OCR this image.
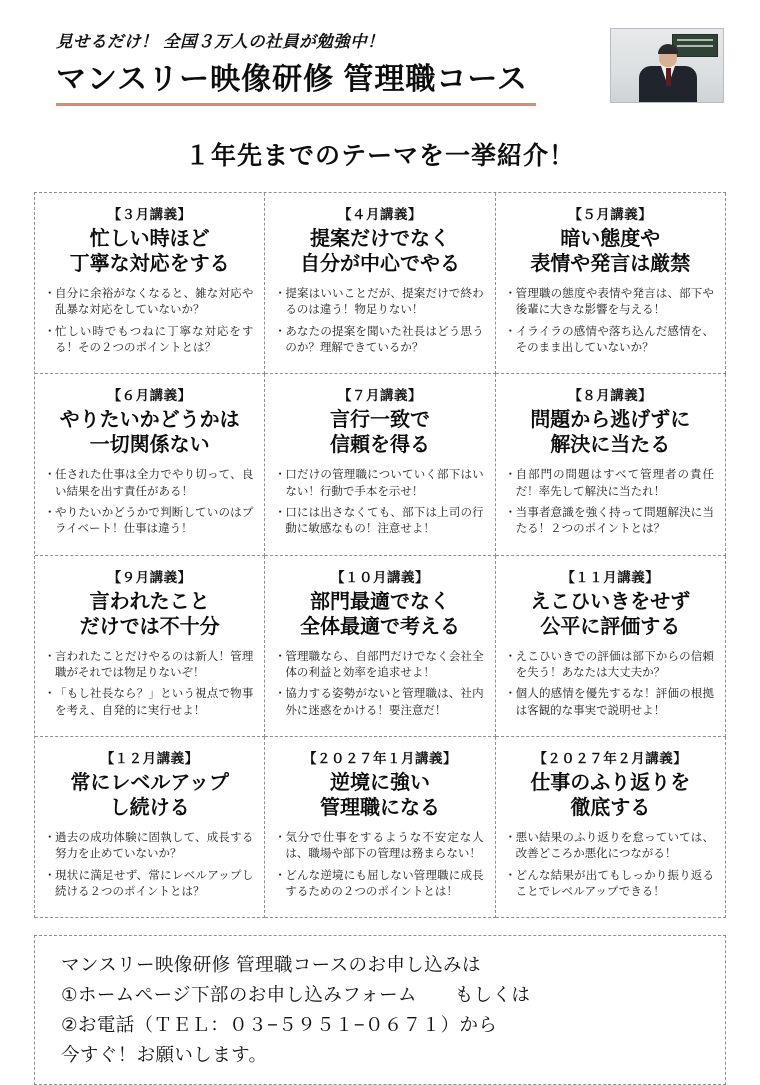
見せるだけ！ 全国３万人の社員が勉強中！
マンスリー映像研修 管理職コース
１年先までのテーマを一挙紹介！
【３月講義】
忙しい時ほど
丁寧な対応をする
・ 自分に余裕がなくなると、雑な対応や乱暴な対応をしていないか？
・ 忙しい時でもつねに丁寧な対応をする！その２つのポイントとは？
【４月講義】
提案だけでなく
自分が中心でやる
・ 提案はいいことだが、提案だけで終わるのは違う！物足りない！
・ あなたの提案を聞いた社長はどう思うのか？理解できているか？
【５月講義】
暗い態度や
表情や発言は厳禁
・ 管理職の態度や表情や発言は、部下や後輩に大きな影響を与える！
・ イライラの感情や落ち込んだ感情を、そのまま出していないか？
【６月講義】
やりたいかどうかは
一切関係ない
・ 任された仕事は全力でやり切って、良い結果を出す責任がある！
・ やりたいかどうかで判断していのはプライベート！仕事は違う！
【７月講義】
言行一致で
信頼を得る
・ 口だけの管理職についていく部下はいない！行動で手本を示せ！
・ 口には出さなくても、部下は上司の行動に敏感なもの！注意せよ！
【８月講義】
問題から逃げずに
解決に当たる
・ 自部門の問題はすべて管理者の責任だ！率先して解決に当たれ！
・ 当事者意識を強く持って問題解決に当たる！２つのポイントとは？
【９月講義】
言われたこと
だけでは不十分
・ 言われたことだけやるのは新人！管理職がそれでは物足りないぞ！
・ 「もし社長なら？」という視点で物事を考え、自発的に実行せよ！
【１０月講義】
部門最適でなく
全体最適で考える
・ 管理職なら、自部門だけでなく会社全体の利益と効率を追求せよ！
・ 協力する姿勢がないと管理職は、社内外に迷惑をかける！要注意だ！
【１１月講義】
えこひいきをせず
公平に評価する
・ えこひいきでの評価は部下からの信頼を失う！あなたは大丈夫か？
・ 個人的感情を優先するな！評価の根拠は客観的な事実で説明せよ！
【１２月講義】
常にレベルアップ
し続ける
・ 過去の成功体験に固執して、成長する努力を止めていないか？
・ 現状に満足せず、常にレベルアップし続ける２つのポイントとは？
【２０２７年１月講義】
逆境に強い
管理職になる
・ 気分で仕事をするような不安定な人は、職場や部下の管理は務まらない！
・ どんな逆境にも屈しない管理職に成長するための２つのポイントとは！
【２０２７年２月講義】
仕事のふり返りを
徹底する
・ 悪い結果のふり返りを怠っていては、改善どころか悪化につながる！
・ どんな結果が出てもしっかり振り返ることでレベルアップできる！
マンスリー映像研修 管理職コースのお申し込みは
①ホームページ下部のお申し込みフォーム　　もしくは
②お電話（ＴＥＬ：０３−５９５１−０６７１）から
今すぐ！お願いします。
